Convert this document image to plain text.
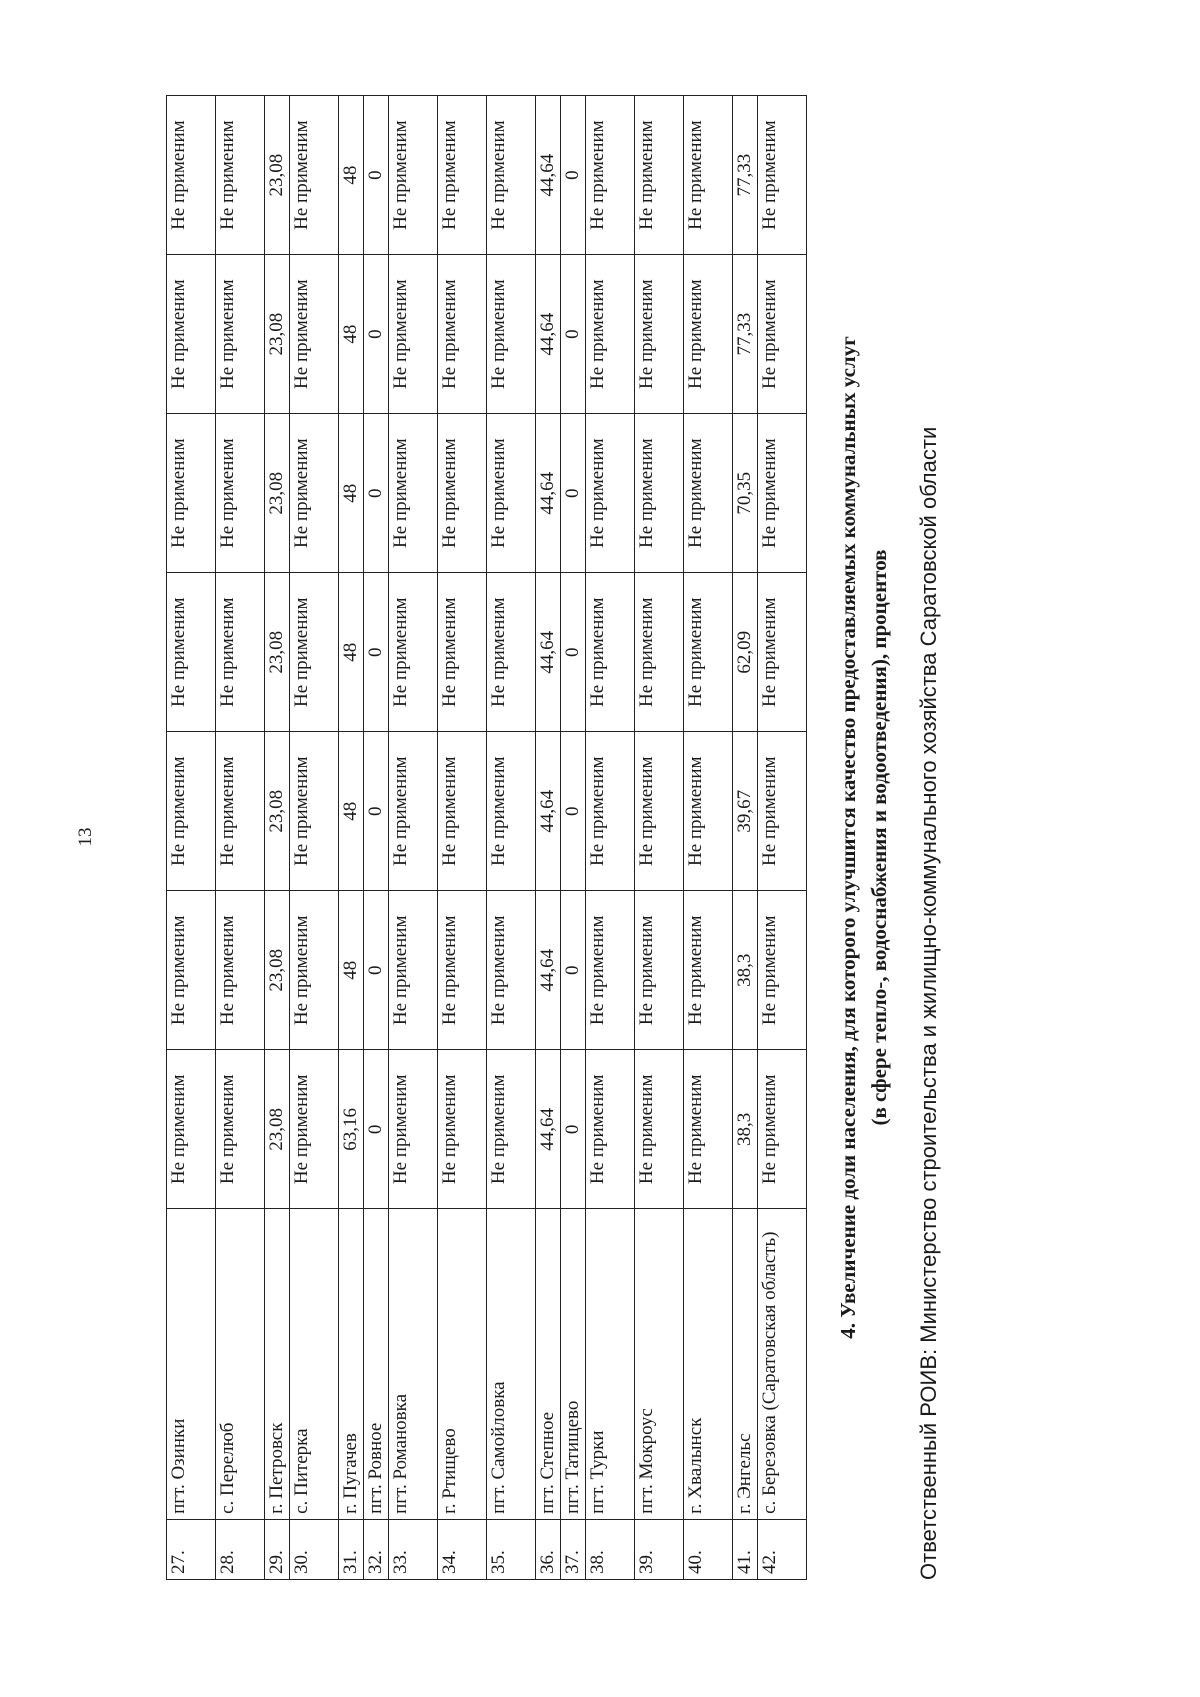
13
27.	пгт. Озинки	Не применим	Не применим	Не применим	Не применим	Не применим	Не применим	Не применим
28.	с. Перелюб	Не применим	Не применим	Не применим	Не применим	Не применим	Не применим	Не применим
29.	г. Петровск	23,08	23,08	23,08	23,08	23,08	23,08	23,08
30.	с. Питерка	Не применим	Не применим	Не применим	Не применим	Не применим	Не применим	Не применим
31.	г. Пугачев	63,16	48	48	48	48	48	48
32.	пгт. Ровное	0	0	0	0	0	0	0
33.	пгт. Романовка	Не применим	Не применим	Не применим	Не применим	Не применим	Не применим	Не применим
34.	г. Ртищево	Не применим	Не применим	Не применим	Не применим	Не применим	Не применим	Не применим
35.	пгт. Самойловка	Не применим	Не применим	Не применим	Не применим	Не применим	Не применим	Не применим
36.	пгт. Степное	44,64	44,64	44,64	44,64	44,64	44,64	44,64
37.	пгт. Татищево	0	0	0	0	0	0	0
38.	пгт. Турки	Не применим	Не применим	Не применим	Не применим	Не применим	Не применим	Не применим
39.	пгт. Мокроус	Не применим	Не применим	Не применим	Не применим	Не применим	Не применим	Не применим
40.	г. Хвалынск	Не применим	Не применим	Не применим	Не применим	Не применим	Не применим	Не применим
41.	г. Энгельс	38,3	38,3	39,67	62,09	70,35	77,33	77,33
42.	с. Березовка (Саратовская область)	Не применим	Не применим	Не применим	Не применим	Не применим	Не применим	Не применим
4. Увеличение доли населения, для которого улучшится качество предоставляемых коммунальных услуг (в сфере тепло-, водоснабжения и водоотведения), процентов Ответственный РОИВ: Министерство строительства и жилищно-коммунального хозяйства Саратовской области
